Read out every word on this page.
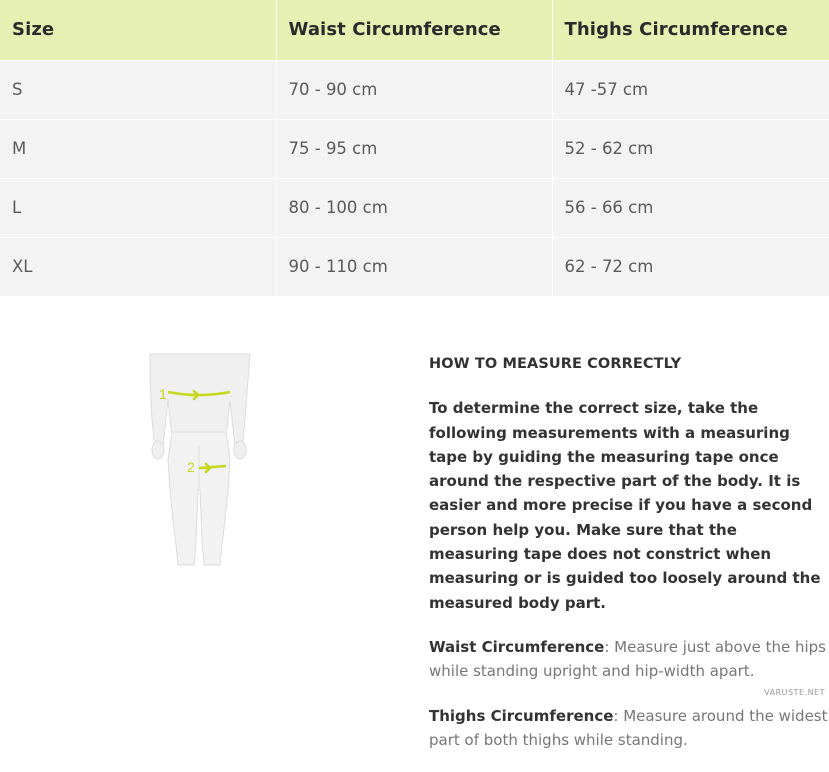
Size	Waist Circumference	Thighs Circumference
S	70 - 90 cm	47 -57 cm
M	75 - 95 cm	52 - 62 cm
L	80 - 100 cm	56 - 66 cm
XL	90 - 110 cm	62 - 72 cm
1
2
HOW TO MEASURE CORRECTLY

To determine the correct size, take the following measurements with a measuring tape by guiding the measuring tape once around the respective part of the body. It is easier and more precise if you have a second person help you. Make sure that the measuring tape does not constrict when measuring or is guided too loosely around the measured body part.

Waist Circumference: Measure just above the hips while standing upright and hip-width apart.

Thighs Circumference: Measure around the widest part of both thighs while standing.

VARUSTE.NET
